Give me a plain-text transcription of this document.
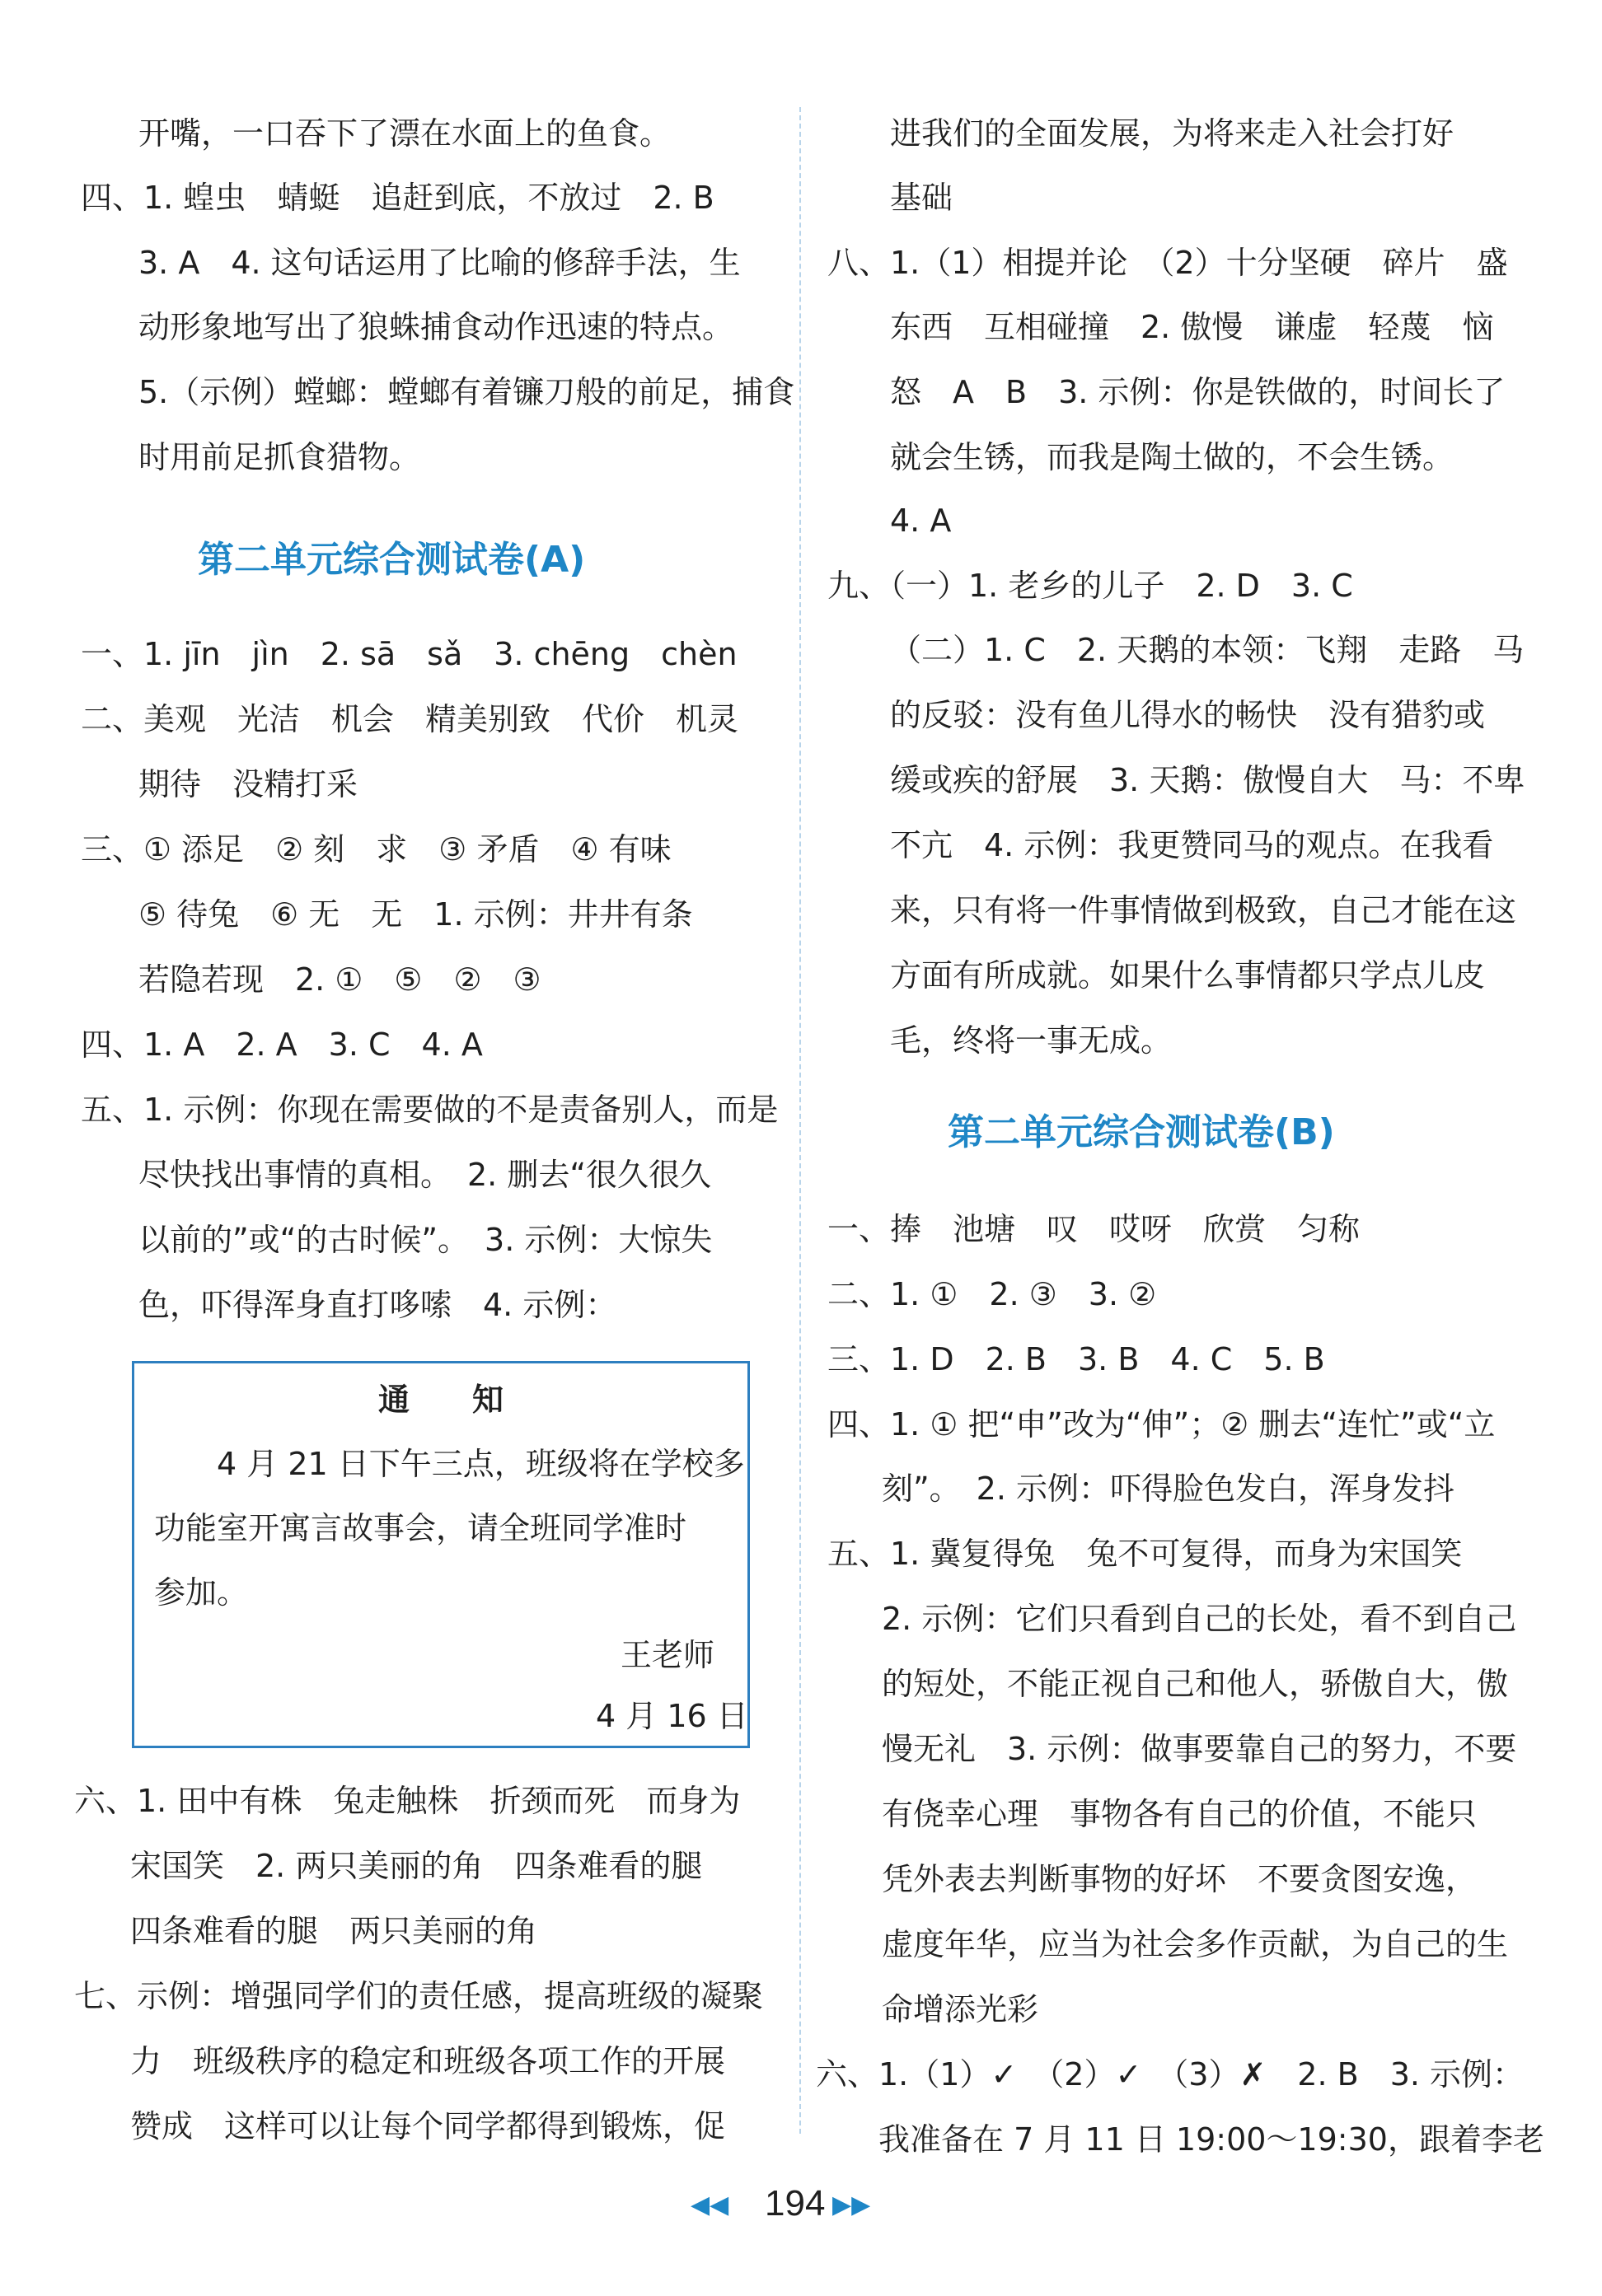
开嘴，一口吞下了漂在水面上的鱼食。
四、1. 蝗虫　蜻蜓　追赶到底，不放过　2. B
3. A　4. 这句话运用了比喻的修辞手法，生
动形象地写出了狼蛛捕食动作迅速的特点。
5.（示例）螳螂：螳螂有着镰刀般的前足，捕食
时用前足抓食猎物。
第二单元综合测试卷(A)
一、1. jīn　jìn　2. sā　sǎ　3. chēng　chèn
二、美观　光洁　机会　精美别致　代价　机灵
期待　没精打采
三、① 添足　② 刻　求　③ 矛盾　④ 有味
⑤ 待兔　⑥ 无　无　1. 示例：井井有条
若隐若现　2. ①　⑤　②　③
四、1. A　2. A　3. C　4. A
五、1. 示例：你现在需要做的不是责备别人，而是
尽快找出事情的真相。　2. 删去“很久很久
以前的”或“的古时候”。　3. 示例：大惊失
色，吓得浑身直打哆嗦　4. 示例：
通　　知
4 月 21 日下午三点，班级将在学校多
功能室开寓言故事会，请全班同学准时
参加。
王老师
4 月 16 日
六、1. 田中有株　兔走触株　折颈而死　而身为
宋国笑　2. 两只美丽的角　四条难看的腿
四条难看的腿　两只美丽的角
七、示例：增强同学们的责任感，提高班级的凝聚
力　班级秩序的稳定和班级各项工作的开展
赞成　这样可以让每个同学都得到锻炼，促
进我们的全面发展，为将来走入社会打好
基础
八、1.（1）相提并论　（2）十分坚硬　碎片　盛
东西　互相碰撞　2. 傲慢　谦虚　轻蔑　恼
怒　A　B　3. 示例：你是铁做的，时间长了
就会生锈，而我是陶土做的，不会生锈。
4. A
九、（一）1. 老乡的儿子　2. D　3. C
（二）1. C　2. 天鹅的本领：飞翔　走路　马
的反驳：没有鱼儿得水的畅快　没有猎豹或
缓或疾的舒展　3. 天鹅：傲慢自大　马：不卑
不亢　4. 示例：我更赞同马的观点。在我看
来，只有将一件事情做到极致，自己才能在这
方面有所成就。如果什么事情都只学点儿皮
毛，终将一事无成。
第二单元综合测试卷(B)
一、捧　池塘　叹　哎呀　欣赏　匀称
二、1. ①　2. ③　3. ②
三、1. D　2. B　3. B　4. C　5. B
四、1. ① 把“申”改为“伸”；② 删去“连忙”或“立
刻”。　2. 示例：吓得脸色发白，浑身发抖
五、1. 冀复得兔　兔不可复得，而身为宋国笑
2. 示例：它们只看到自己的长处，看不到自己
的短处，不能正视自己和他人，骄傲自大，傲
慢无礼　3. 示例：做事要靠自己的努力，不要
有侥幸心理　事物各有自己的价值，不能只
凭外表去判断事物的好坏　不要贪图安逸，
虚度年华，应当为社会多作贡献，为自己的生
命增添光彩
六、1.（1）✓　（2）✓　（3）✗　2. B　3. 示例：
我准备在 7 月 11 日 19:00～19:30，跟着李老
◀◀ 194 ▶▶
